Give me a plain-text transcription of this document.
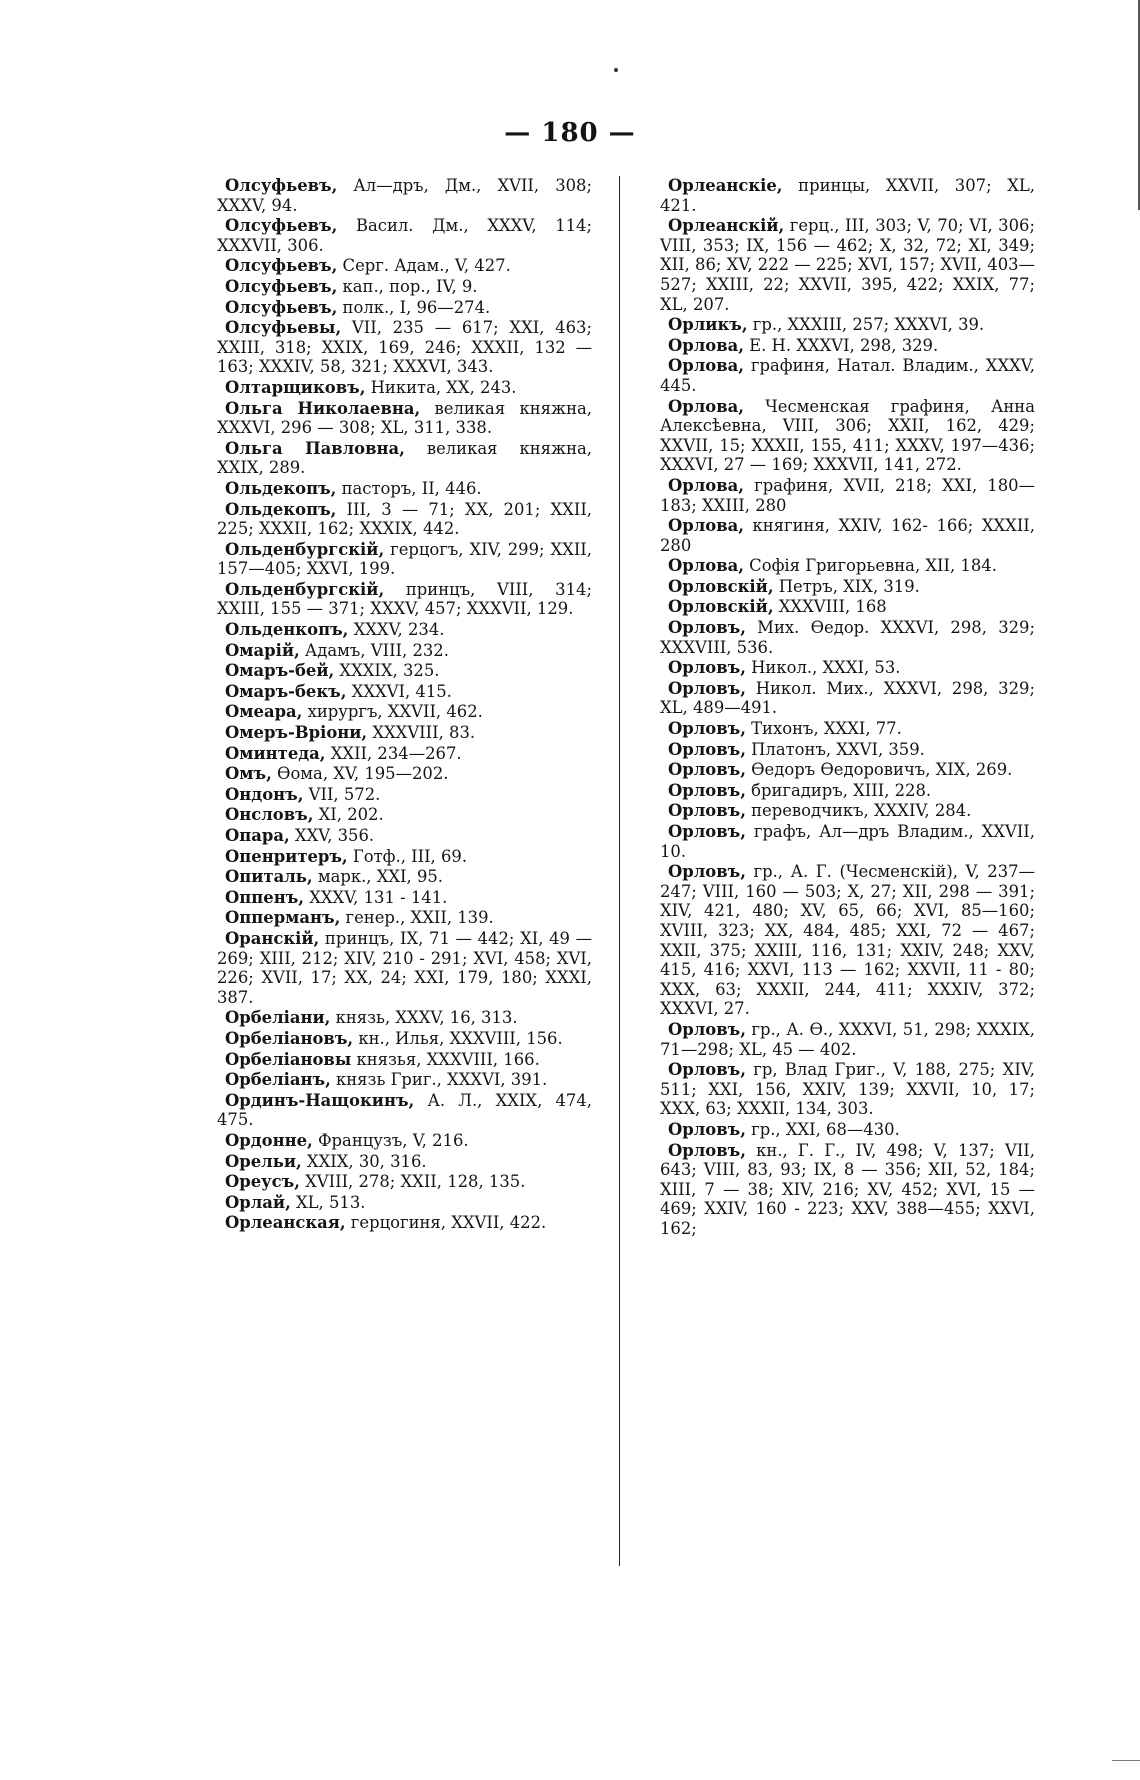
— 180 —
Олсуфьевъ, Ал—дръ, Дм., XVII, 308; XXXV, 94.
Олсуфьевъ, Васил. Дм., XXXV, 114; XXXVII, 306.
Олсуфьевъ, Серг. Адам., V, 427.
Олсуфьевъ, кап., пор., IV, 9.
Олсуфьевъ, полк., I, 96—274.
Олсуфьевы, VII, 235 — 617; XXI, 463; XXIII, 318; XXIX, 169, 246; XXXII, 132 — 163; XXXIV, 58, 321; XXXVI, 343.
Олтарщиковъ, Никита, XX, 243.
Ольга Николаевна, великая княжна, XXXVI, 296 — 308; XL, 311, 338.
Ольга Павловна, великая княжна, XXIX, 289.
Ольдекопъ, пасторъ, II, 446.
Ольдекопъ, III, 3 — 71; XX, 201; XXII, 225; XXXII, 162; XXXIX, 442.
Ольденбургскій, герцогъ, XIV, 299; XXII, 157—405; XXVI, 199.
Ольденбургскій, принцъ, VIII, 314; XXIII, 155 — 371; XXXV, 457; XXXVII, 129.
Ольденкопъ, XXXV, 234.
Омарій, Адамъ, VIII, 232.
Омаръ-бей, XXXIX, 325.
Омаръ-бекъ, XXXVI, 415.
Омеара, хирургъ, XXVII, 462.
Омеръ-Вріони, XXXVIII, 83.
Оминтеда, XXII, 234—267.
Омъ, Ѳома, XV, 195—202.
Ондонъ, VII, 572.
Онсловъ, XI, 202.
Опара, XXV, 356.
Опенритеръ, Готф., III, 69.
Опиталь, марк., XXI, 95.
Оппенъ, XXXV, 131 - 141.
Опперманъ, генер., XXII, 139.
Оранскій, принцъ, IX, 71 — 442; XI, 49 — 269; XIII, 212; XIV, 210 - 291; XVI, 458; XVI, 226; XVII, 17; XX, 24; XXI, 179, 180; XXXI, 387.
Орбеліани, князь, XXXV, 16, 313.
Орбеліановъ, кн., Илья, XXXVIII, 156.
Орбеліановы князья, XXXVIII, 166.
Орбеліанъ, князь Григ., XXXVI, 391.
Ординъ-Нащокинъ, А. Л., XXIX, 474, 475.
Ордонне, Французъ, V, 216.
Орельи, XXIX, 30, 316.
Ореусъ, XVIII, 278; XXII, 128, 135.
Орлай, XL, 513.
Орлеанская, герцогиня, XXVII, 422.
Орлеанскіе, принцы, XXVII, 307; XL, 421.
Орлеанскій, герц., III, 303; V, 70; VI, 306; VIII, 353; IX, 156 — 462; X, 32, 72; XI, 349; XII, 86; XV, 222 — 225; XVI, 157; XVII, 403—527; XXIII, 22; XXVII, 395, 422; XXIX, 77; XL, 207.
Орликъ, гр., XXXIII, 257; XXXVI, 39.
Орлова, Е. Н. XXXVI, 298, 329.
Орлова, графиня, Натал. Владим., XXXV, 445.
Орлова, Чесменская графиня, Анна Алексѣевна, VIII, 306; XXII, 162, 429; XXVII, 15; XXXII, 155, 411; XXXV, 197—436; XXXVI, 27 — 169; XXXVII, 141, 272.
Орлова, графиня, XVII, 218; XXI, 180—183; XXIII, 280
Орлова, княгиня, XXIV, 162- 166; XXXII, 280
Орлова, Софія Григорьевна, XII, 184.
Орловскій, Петръ, XIX, 319.
Орловскій, XXXVIII, 168
Орловъ, Мих. Ѳедор. XXXVI, 298, 329; XXXVIII, 536.
Орловъ, Никол., XXXI, 53.
Орловъ, Никол. Мих., XXXVI, 298, 329; XL, 489—491.
Орловъ, Тихонъ, XXXI, 77.
Орловъ, Платонъ, XXVI, 359.
Орловъ, Ѳедоръ Ѳедоровичъ, XIX, 269.
Орловъ, бригадиръ, XIII, 228.
Орловъ, переводчикъ, XXXIV, 284.
Орловъ, графъ, Ал—дръ Владим., XXVII, 10.
Орловъ, гр., А. Г. (Чесменскій), V, 237—247; VIII, 160 — 503; X, 27; XII, 298 — 391; XIV, 421, 480; XV, 65, 66; XVI, 85—160; XVIII, 323; XX, 484, 485; XXI, 72 — 467; XXII, 375; XXIII, 116, 131; XXIV, 248; XXV, 415, 416; XXVI, 113 — 162; XXVII, 11 - 80; XXX, 63; XXXII, 244, 411; XXXIV, 372; XXXVI, 27.
Орловъ, гр., А. Ѳ., XXXVI, 51, 298; XXXIX, 71—298; XL, 45 — 402.
Орловъ, гр, Влад Григ., V, 188, 275; XIV, 511; XXI, 156, XXIV, 139; XXVII, 10, 17; XXX, 63; XXXII, 134, 303.
Орловъ, гр., XXI, 68—430.
Орловъ, кн., Г. Г., IV, 498; V, 137; VII, 643; VIII, 83, 93; IX, 8 — 356; XII, 52, 184; XIII, 7 — 38; XIV, 216; XV, 452; XVI, 15 — 469; XXIV, 160 - 223; XXV, 388—455; XXVI, 162;
